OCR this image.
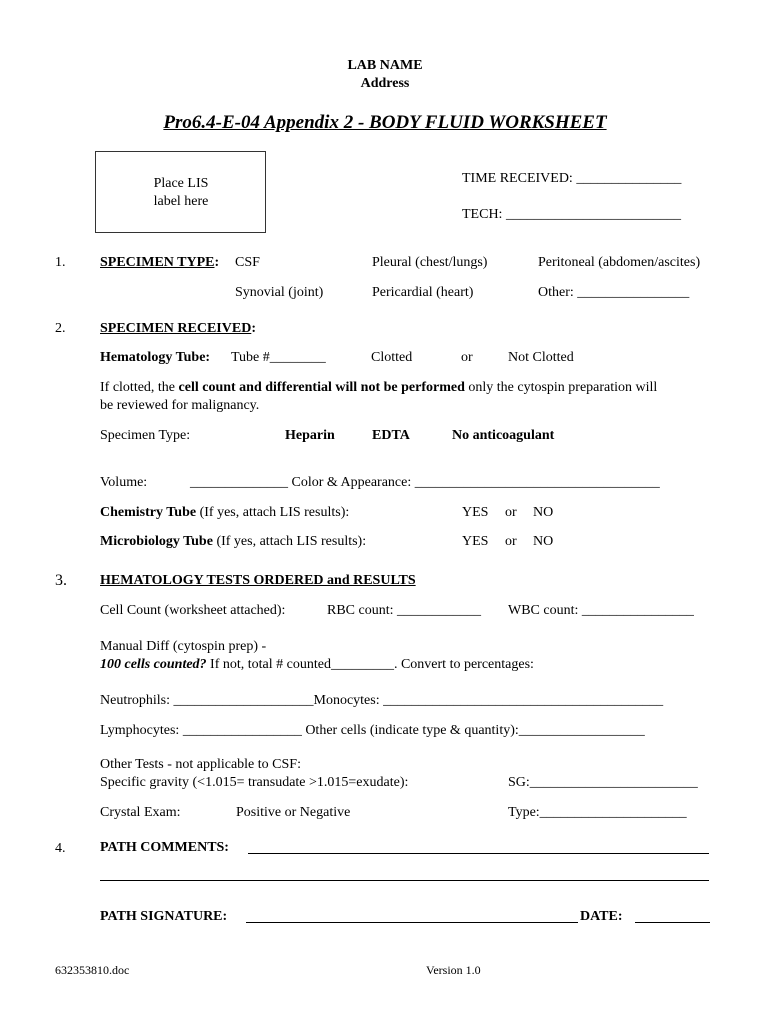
LAB NAME
Address
Pro6.4-E-04 Appendix 2 - BODY FLUID WORKSHEET
Place LIS
label here
TIME RECEIVED: _______________
TECH: _________________________
1. SPECIMEN TYPE: CSF	Pleural (chest/lungs)	Peritoneal (abdomen/ascites)
Synovial (joint)	Pericardial (heart)	Other: ________________
2. SPECIMEN RECEIVED:
Hematology Tube: Tube #________	Clotted	or	Not Clotted
If clotted, the cell count and differential will not be performed only the cytospin preparation will
be reviewed for malignancy.
Specimen Type:	Heparin	EDTA	No anticoagulant
Volume:	______________ Color & Appearance: ___________________________________
Chemistry Tube (If yes, attach LIS results):	YES or NO
Microbiology Tube (If yes, attach LIS results):	YES or NO
3. HEMATOLOGY TESTS ORDERED and RESULTS
Cell Count (worksheet attached):	RBC count: ____________ WBC count: ________________
Manual Diff (cytospin prep) -
100 cells counted? If not, total # counted_________. Convert to percentages:
Neutrophils: ____________________Monocytes: ________________________________________
Lymphocytes: _________________ Other cells (indicate type & quantity):__________________
Other Tests - not applicable to CSF:
Specific gravity (<1.015= transudate >1.015=exudate):	SG:________________________
Crystal Exam:	Positive or Negative	Type:_____________________
4. PATH COMMENTS:
PATH SIGNATURE:	DATE:
632353810.doc	Version 1.0
